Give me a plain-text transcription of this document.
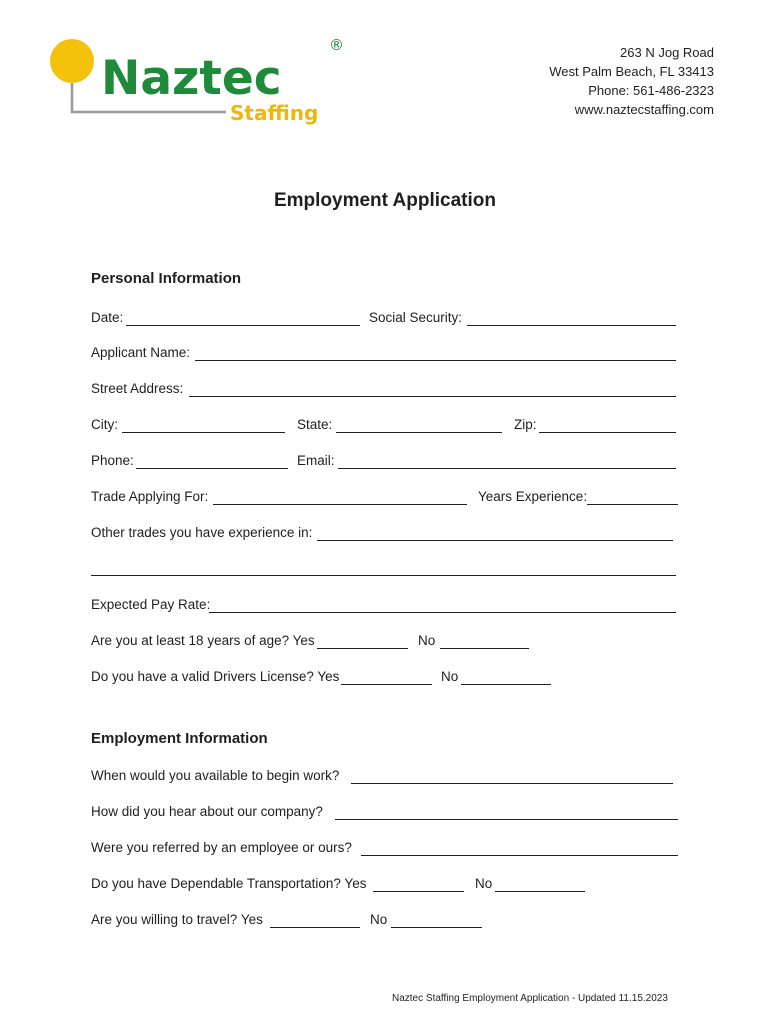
Naztec
Staffing
®	263 N Jog Road
West Palm Beach, FL 33413
Phone: 561-486-2323
www.naztecstaffing.com
Employment Application
Personal Information
Date:	Social Security:
Applicant Name:
Street Address:
City:	State:	Zip:
Phone:	Email:
Trade Applying For:	Years Experience:
Other trades you have experience in:
Expected Pay Rate:
Are you at least 18 years of age? Yes	No
Do you have a valid Drivers License? Yes	No
Employment Information
When would you available to begin work?
How did you hear about our company?
Were you referred by an employee or ours?
Do you have Dependable Transportation? Yes	No
Are you willing to travel? Yes	No
Naztec Staffing Employment Application - Updated 11.15.2023
